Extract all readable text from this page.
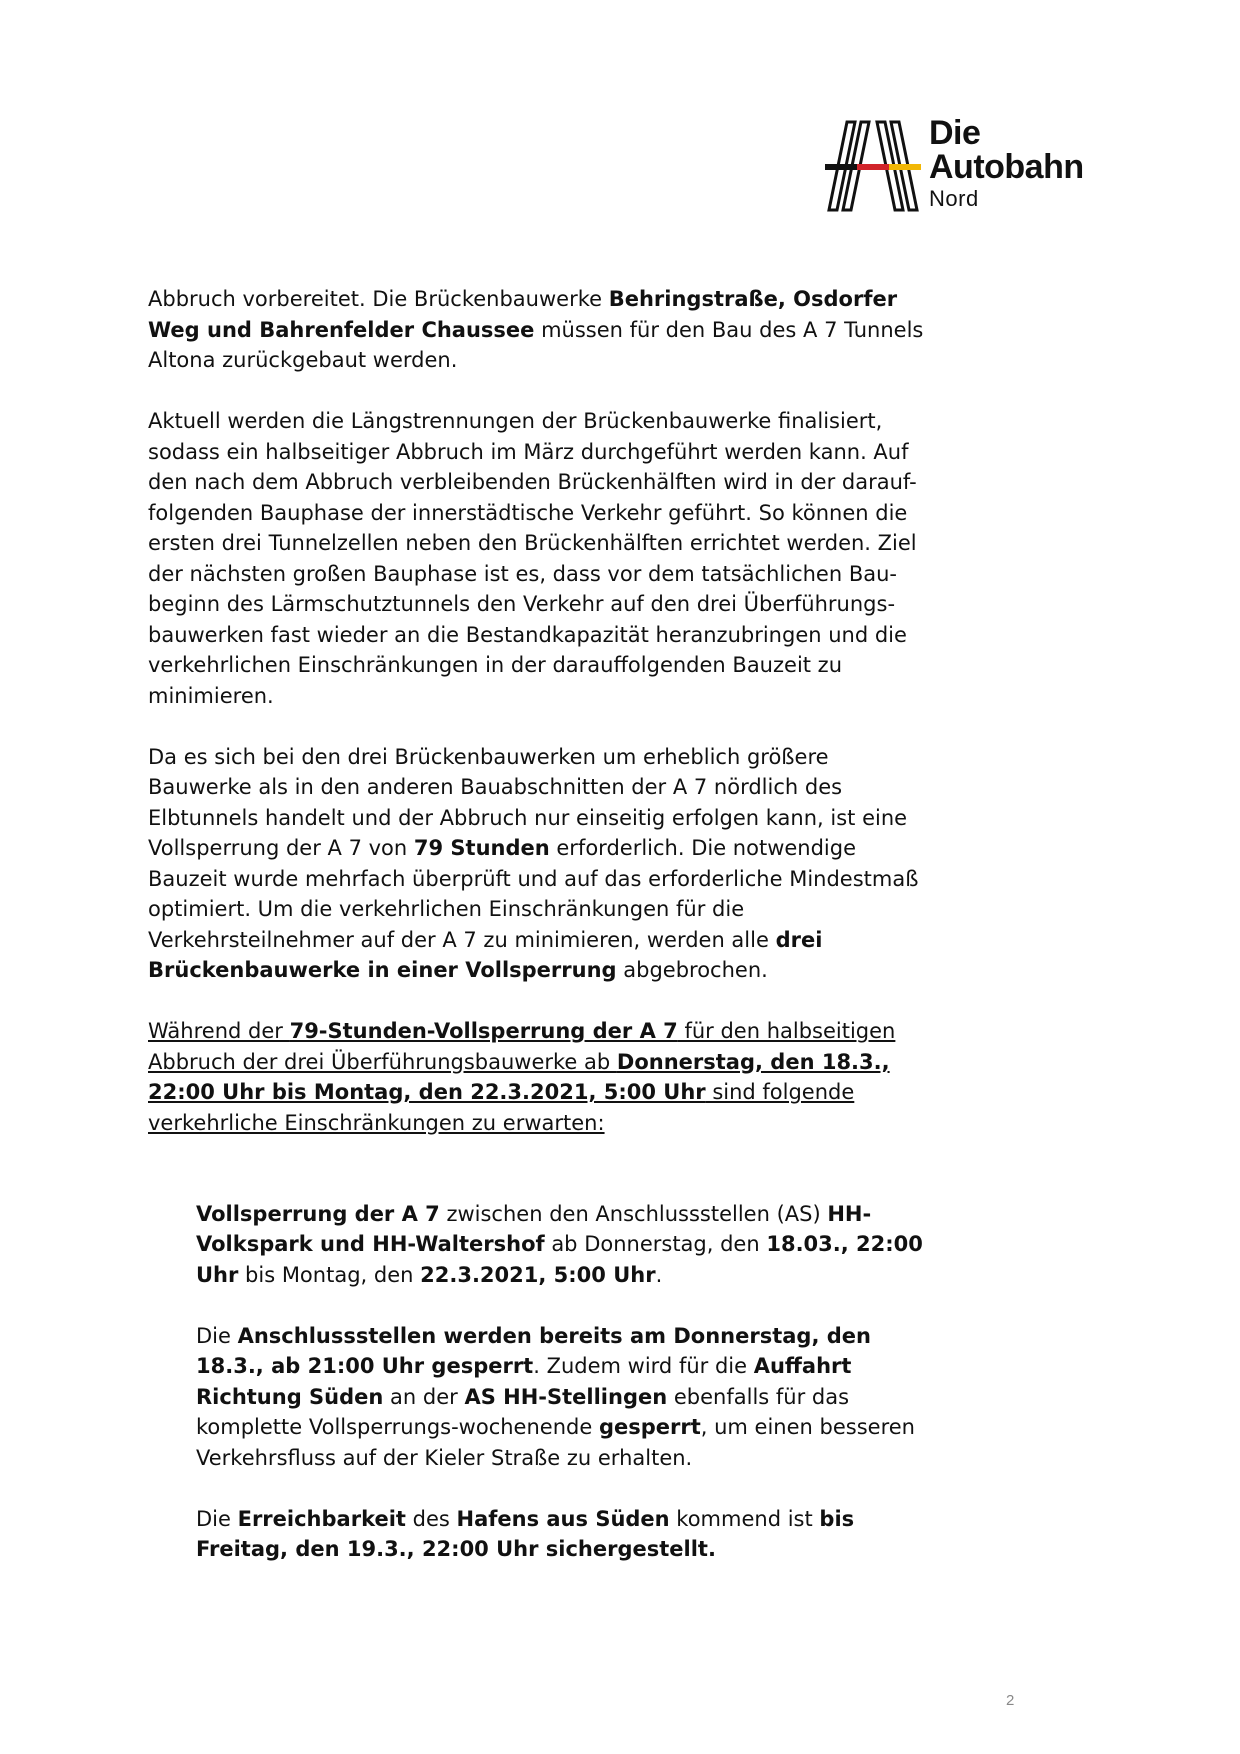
Die
Autobahn
Nord

Abbruch vorbereitet. Die Brückenbauwerke Behringstraße, Osdorfer Weg und Bahrenfelder Chaussee müssen für den Bau des A 7 Tunnels Altona zurückgebaut werden.

Aktuell werden die Längstrennungen der Brückenbauwerke finalisiert, sodass ein halbseitiger Abbruch im März durchgeführt werden kann. Auf den nach dem Abbruch verbleibenden Brückenhälften wird in der darauf-folgenden Bauphase der innerstädtische Verkehr geführt. So können die ersten drei Tunnelzellen neben den Brückenhälften errichtet werden. Ziel der nächsten großen Bauphase ist es, dass vor dem tatsächlichen Bau-beginn des Lärmschutztunnels den Verkehr auf den drei Überführungs-bauwerken fast wieder an die Bestandkapazität heranzubringen und die verkehrlichen Einschränkungen in der darauffolgenden Bauzeit zu minimieren.

Da es sich bei den drei Brückenbauwerken um erheblich größere Bauwerke als in den anderen Bauabschnitten der A 7 nördlich des Elbtunnels handelt und der Abbruch nur einseitig erfolgen kann, ist eine Vollsperrung der A 7 von 79 Stunden erforderlich. Die notwendige Bauzeit wurde mehrfach überprüft und auf das erforderliche Mindestmaß optimiert. Um die verkehrlichen Einschränkungen für die Verkehrsteilnehmer auf der A 7 zu minimieren, werden alle drei Brückenbauwerke in einer Vollsperrung abgebrochen.

Während der 79-Stunden-Vollsperrung der A 7 für den halbseitigen Abbruch der drei Überführungsbauwerke ab Donnerstag, den 18.3., 22:00 Uhr bis Montag, den 22.3.2021, 5:00 Uhr sind folgende verkehrliche Einschränkungen zu erwarten:

Vollsperrung der A 7 zwischen den Anschlussstellen (AS) HH-Volkspark und HH-Waltershof ab Donnerstag, den 18.03., 22:00 Uhr bis Montag, den 22.3.2021, 5:00 Uhr.

Die Anschlussstellen werden bereits am Donnerstag, den 18.3., ab 21:00 Uhr gesperrt. Zudem wird für die Auffahrt Richtung Süden an der AS HH-Stellingen ebenfalls für das komplette Vollsperrungs-wochenende gesperrt, um einen besseren Verkehrsfluss auf der Kieler Straße zu erhalten.

Die Erreichbarkeit des Hafens aus Süden kommend ist bis Freitag, den 19.3., 22:00 Uhr sichergestellt.

2
